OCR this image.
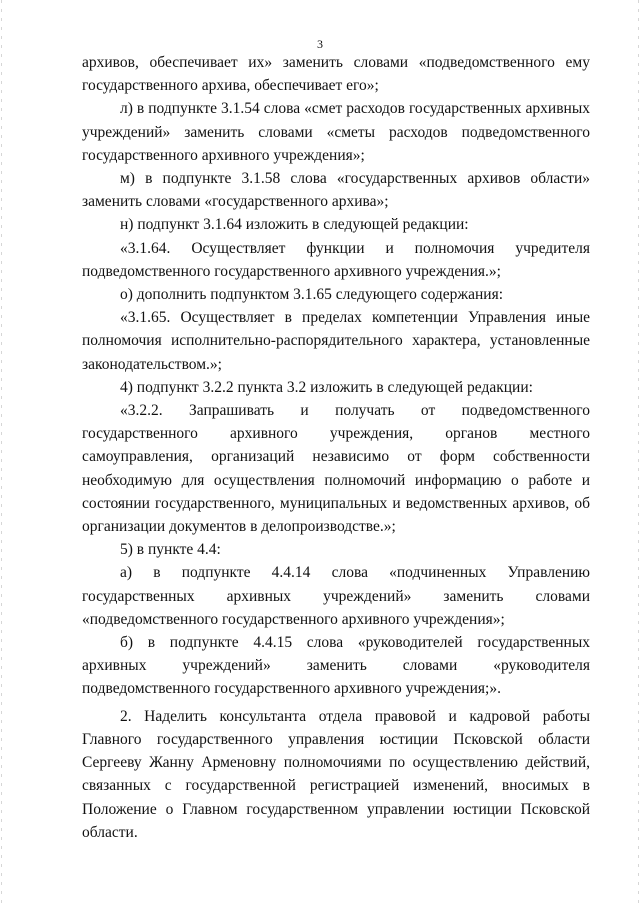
3

архивов, обеспечивает их» заменить словами «подведомственного ему государственного архива, обеспечивает его»;

л) в подпункте 3.1.54 слова «смет расходов государственных архивных учреждений» заменить словами «сметы расходов подведомственного государственного архивного учреждения»;

м) в подпункте 3.1.58 слова «государственных архивов области» заменить словами «государственного архива»;

н) подпункт 3.1.64 изложить в следующей редакции:

«3.1.64. Осуществляет функции и полномочия учредителя подведомственного государственного архивного учреждения.»;

о) дополнить подпунктом 3.1.65 следующего содержания:

«3.1.65. Осуществляет в пределах компетенции Управления иные полномочия исполнительно-распорядительного характера, установленные законодательством.»;

4) подпункт 3.2.2 пункта 3.2 изложить в следующей редакции:

«3.2.2. Запрашивать и получать от подведомственного государственного архивного учреждения, органов местного самоуправления, организаций независимо от форм собственности необходимую для осуществления полномочий информацию о работе и состоянии государственного, муниципальных и ведомственных архивов, об организации документов в делопроизводстве.»;

5) в пункте 4.4:

а) в подпункте 4.4.14 слова «подчиненных Управлению государственных архивных учреждений» заменить словами «подведомственного государственного архивного учреждения»;

б) в подпункте 4.4.15 слова «руководителей государственных архивных учреждений» заменить словами «руководителя подведомственного государственного архивного учреждения;».

2. Наделить консультанта отдела правовой и кадровой работы Главного государственного управления юстиции Псковской области Сергееву Жанну Арменовну полномочиями по осуществлению действий, связанных с государственной регистрацией изменений, вносимых в Положение о Главном государственном управлении юстиции Псковской области.
